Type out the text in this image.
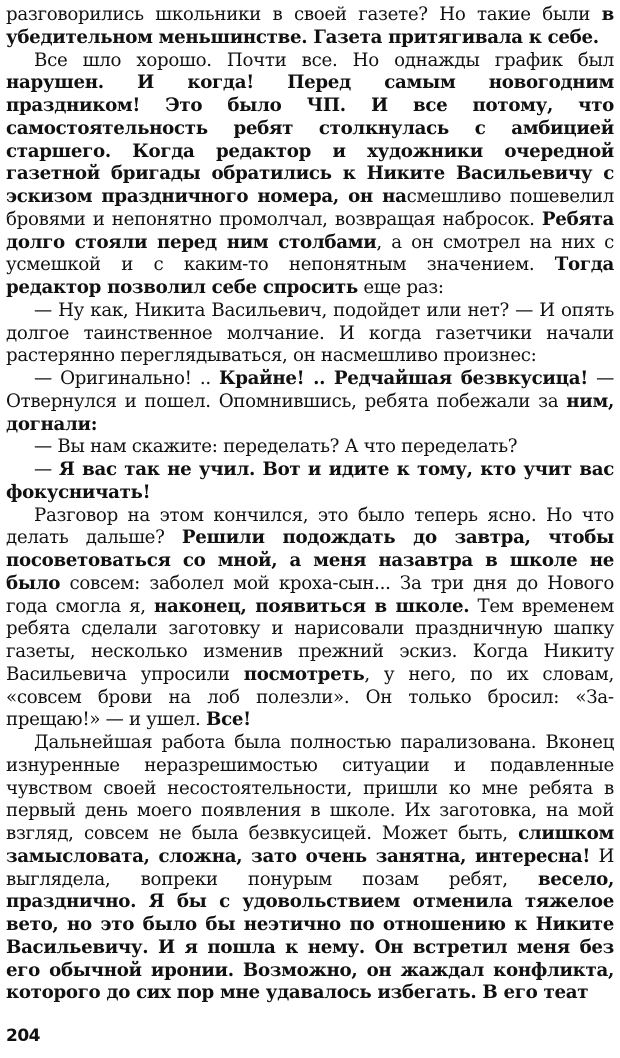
разговорились школьники в своей газете? Но такие были в убедительном меньшинстве. Газета притягивала к себе.

Все шло хорошо. Почти все. Но однажды график был нарушен. И когда! Перед самым новогодним праздником! Это было ЧП. И все потому, что самостоятельность ребят столкнулась с амбицией старшего. Когда редактор и художники очередной газетной бригады обратились к Никите Васильевичу с эскизом праздничного номера, он насмешливо пошевелил бровями и непонятно промолчал, возвращая набросок. Ребята долго стояли перед ним столбами, а он смотрел на них с усмешкой и с каким-то непонятным значением. Тогда редактор позволил себе спросить еще раз:

— Ну как, Никита Васильевич, подойдет или нет? — И опять долгое таинственное молчание. И когда газетчики начали растерянно переглядываться, он насмешливо произнес:

— Оригинально! .. Крайне! .. Редчайшая безвкусица! — Отвернулся и пошел. Опомнившись, ребята побежали за ним, догнали:

— Вы нам скажите: переделать? А что переделать?

— Я вас так не учил. Вот и идите к тому, кто учит вас фокусничать!

Разговор на этом кончился, это было теперь ясно. Но что делать дальше? Решили подождать до завтра, чтобы посоветоваться со мной, а меня назавтра в школе не было совсем: заболел мой кроха-сын... За три дня до Нового года смогла я, наконец, появиться в школе. Тем временем ребята сделали заготовку и нарисовали праздничную шапку газеты, несколько изменив прежний эскиз. Когда Никиту Васильевича упросили посмотреть, у него, по их словам, «совсем брови на лоб полезли». Он только бросил: «Запрещаю!» — и ушел. Все!

Дальнейшая работа была полностью парализована. Вконец изнуренные неразрешимостью ситуации и подавленные чувством своей несостоятельности, пришли ко мне ребята в первый день моего появления в школе. Их заготовка, на мой взгляд, совсем не была безвкусицей. Может быть, слишком замысловата, сложна, зато очень занятна, интересна! И выглядела, вопреки понурым позам ребят, весело, празднично. Я бы с удовольствием отменила тяжелое вето, но это было бы неэтично по отношению к Никите Васильевичу. И я пошла к нему. Он встретил меня без его обычной иронии. Возможно, он жаждал конфликта, которого до сих пор мне удавалось избегать. В его теат

204
